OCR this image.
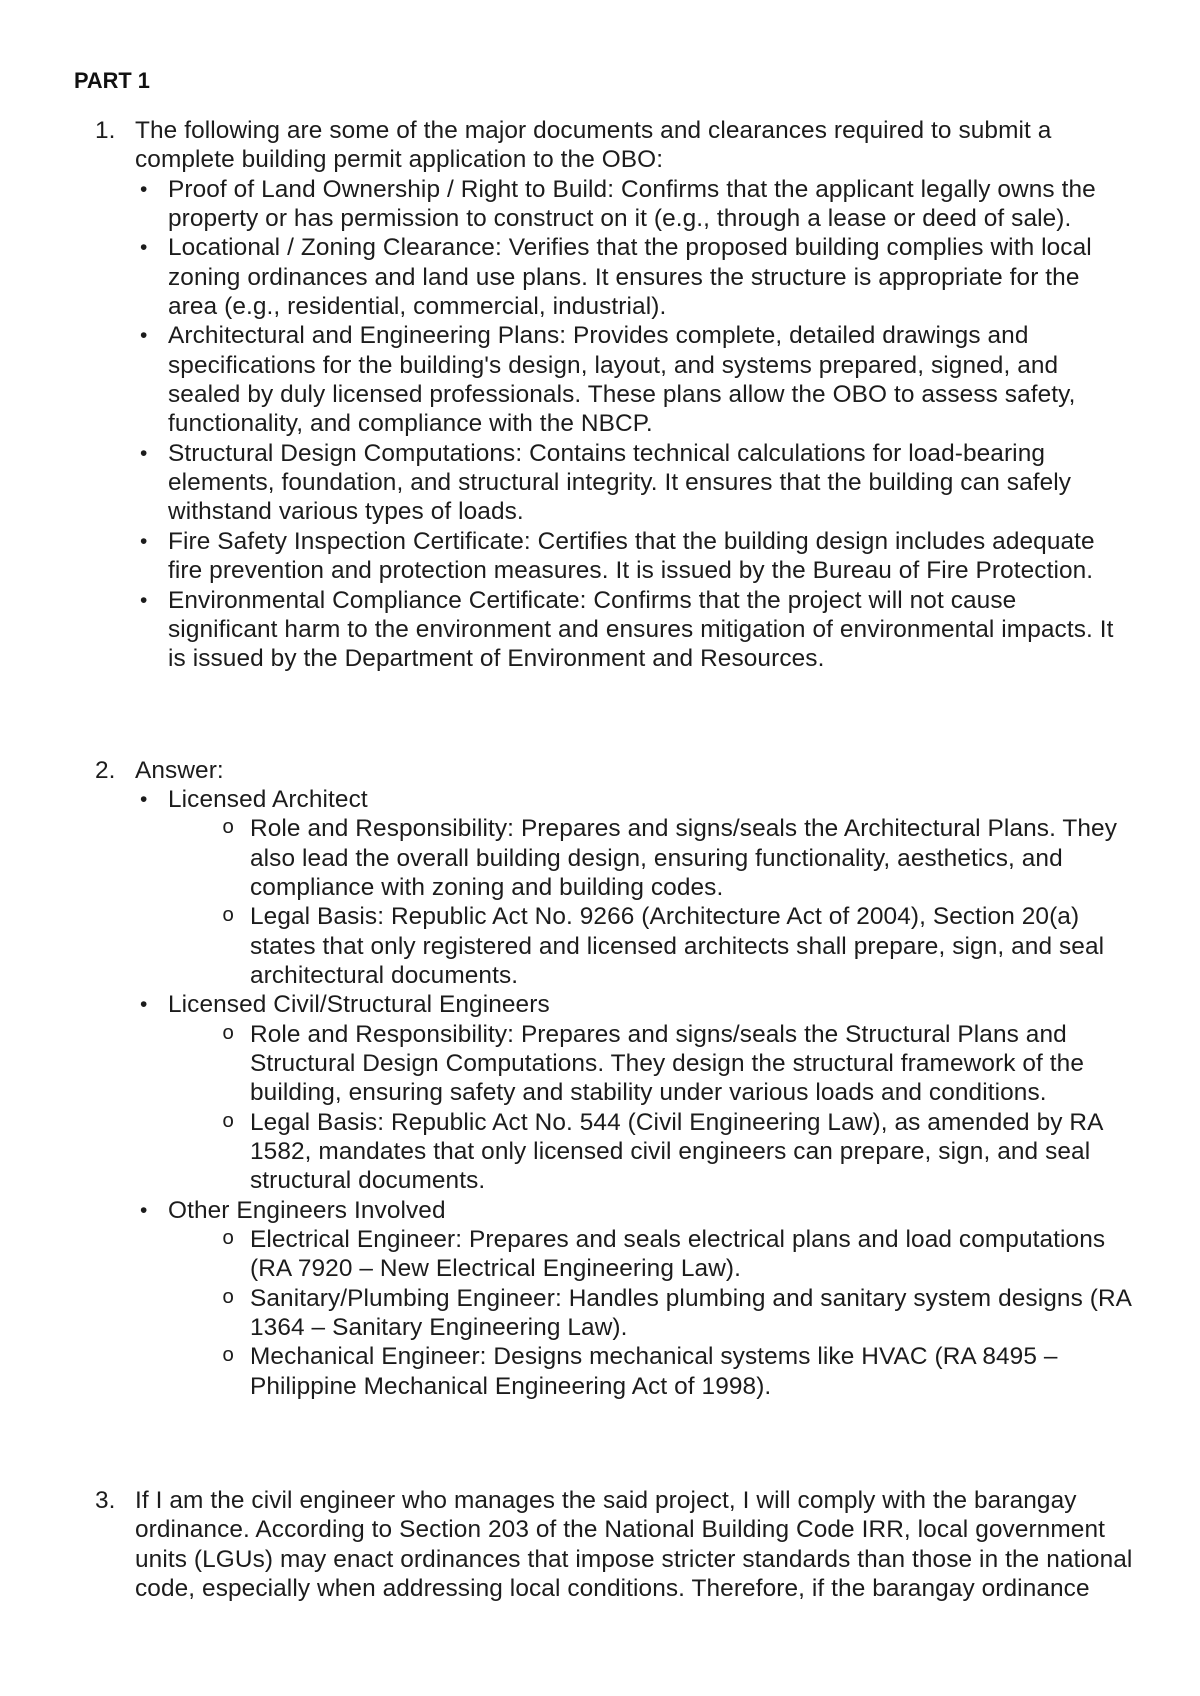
PART 1
1. The following are some of the major documents and clearances required to submit a
complete building permit application to the OBO:
• Proof of Land Ownership / Right to Build: Confirms that the applicant legally owns the
property or has permission to construct on it (e.g., through a lease or deed of sale).
• Locational / Zoning Clearance: Verifies that the proposed building complies with local
zoning ordinances and land use plans. It ensures the structure is appropriate for the
area (e.g., residential, commercial, industrial).
• Architectural and Engineering Plans: Provides complete, detailed drawings and
specifications for the building's design, layout, and systems prepared, signed, and
sealed by duly licensed professionals. These plans allow the OBO to assess safety,
functionality, and compliance with the NBCP.
• Structural Design Computations: Contains technical calculations for load-bearing
elements, foundation, and structural integrity. It ensures that the building can safely
withstand various types of loads.
• Fire Safety Inspection Certificate: Certifies that the building design includes adequate
fire prevention and protection measures. It is issued by the Bureau of Fire Protection.
• Environmental Compliance Certificate: Confirms that the project will not cause
significant harm to the environment and ensures mitigation of environmental impacts. It
is issued by the Department of Environment and Resources.
2. Answer:
• Licensed Architect
o Role and Responsibility: Prepares and signs/seals the Architectural Plans. They
also lead the overall building design, ensuring functionality, aesthetics, and
compliance with zoning and building codes.
o Legal Basis: Republic Act No. 9266 (Architecture Act of 2004), Section 20(a)
states that only registered and licensed architects shall prepare, sign, and seal
architectural documents.
• Licensed Civil/Structural Engineers
o Role and Responsibility: Prepares and signs/seals the Structural Plans and
Structural Design Computations. They design the structural framework of the
building, ensuring safety and stability under various loads and conditions.
o Legal Basis: Republic Act No. 544 (Civil Engineering Law), as amended by RA
1582, mandates that only licensed civil engineers can prepare, sign, and seal
structural documents.
• Other Engineers Involved
o Electrical Engineer: Prepares and seals electrical plans and load computations
(RA 7920 – New Electrical Engineering Law).
o Sanitary/Plumbing Engineer: Handles plumbing and sanitary system designs (RA
1364 – Sanitary Engineering Law).
o Mechanical Engineer: Designs mechanical systems like HVAC (RA 8495 –
Philippine Mechanical Engineering Act of 1998).
3. If I am the civil engineer who manages the said project, I will comply with the barangay
ordinance. According to Section 203 of the National Building Code IRR, local government
units (LGUs) may enact ordinances that impose stricter standards than those in the national
code, especially when addressing local conditions. Therefore, if the barangay ordinance
